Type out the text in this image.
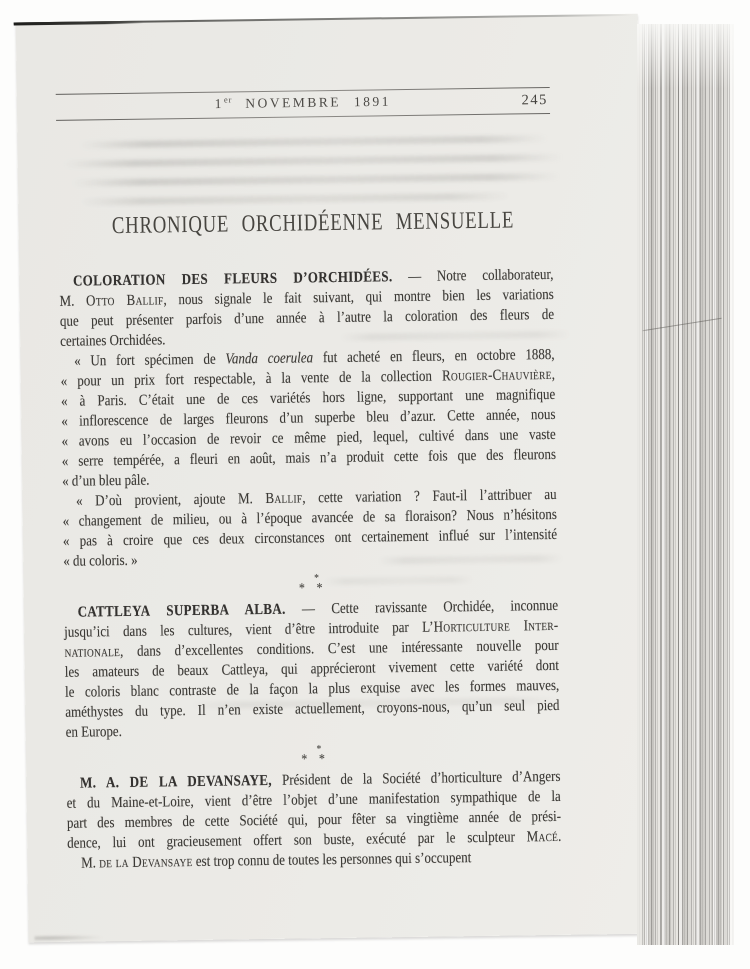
1er NOVEMBRE 1891	245
CHRONIQUE ORCHIDÉENNE MENSUELLE
COLORATION DES FLEURS D’ORCHIDÉES. — Notre collaborateur,
M. Otto Ballif, nous signale le fait suivant, qui montre bien les variations
que peut présenter parfois d’une année à l’autre la coloration des fleurs de
certaines Orchidées.
« Un fort spécimen de Vanda coerulea fut acheté en fleurs, en octobre 1888,
« pour un prix fort respectable, à la vente de la collection Rougier-Chauvière,
« à Paris. C’était une de ces variétés hors ligne, supportant une magnifique
« inflorescence de larges fleurons d’un superbe bleu d’azur. Cette année, nous
« avons eu l’occasion de revoir ce même pied, lequel, cultivé dans une vaste
« serre tempérée, a fleuri en août, mais n’a produit cette fois que des fleurons
« d’un bleu pâle.
« D’où provient, ajoute M. Ballif, cette variation ? Faut-il l’attribuer au
« changement de milieu, ou à l’époque avancée de sa floraison? Nous n’hésitons
« pas à croire que ces deux circonstances ont certainement influé sur l’intensité
« du coloris. »
*
* *
CATTLEYA SUPERBA ALBA. — Cette ravissante Orchidée, inconnue
jusqu’ici dans les cultures, vient d’être introduite par L’Horticulture Inter-
nationale, dans d’excellentes conditions. C’est une intéressante nouvelle pour
les amateurs de beaux Cattleya, qui apprécieront vivement cette variété dont
le coloris blanc contraste de la façon la plus exquise avec les formes mauves,
améthystes du type. Il n’en existe actuellement, croyons-nous, qu’un seul pied
en Europe.
*
* *
M. A. DE LA DEVANSAYE, Président de la Société d’horticulture d’Angers
et du Maine-et-Loire, vient d’être l’objet d’une manifestation sympathique de la
part des membres de cette Société qui, pour fêter sa vingtième année de prési-
dence, lui ont gracieusement offert son buste, exécuté par le sculpteur Macé.
M. de la Devansaye est trop connu de toutes les personnes qui s’occupent
